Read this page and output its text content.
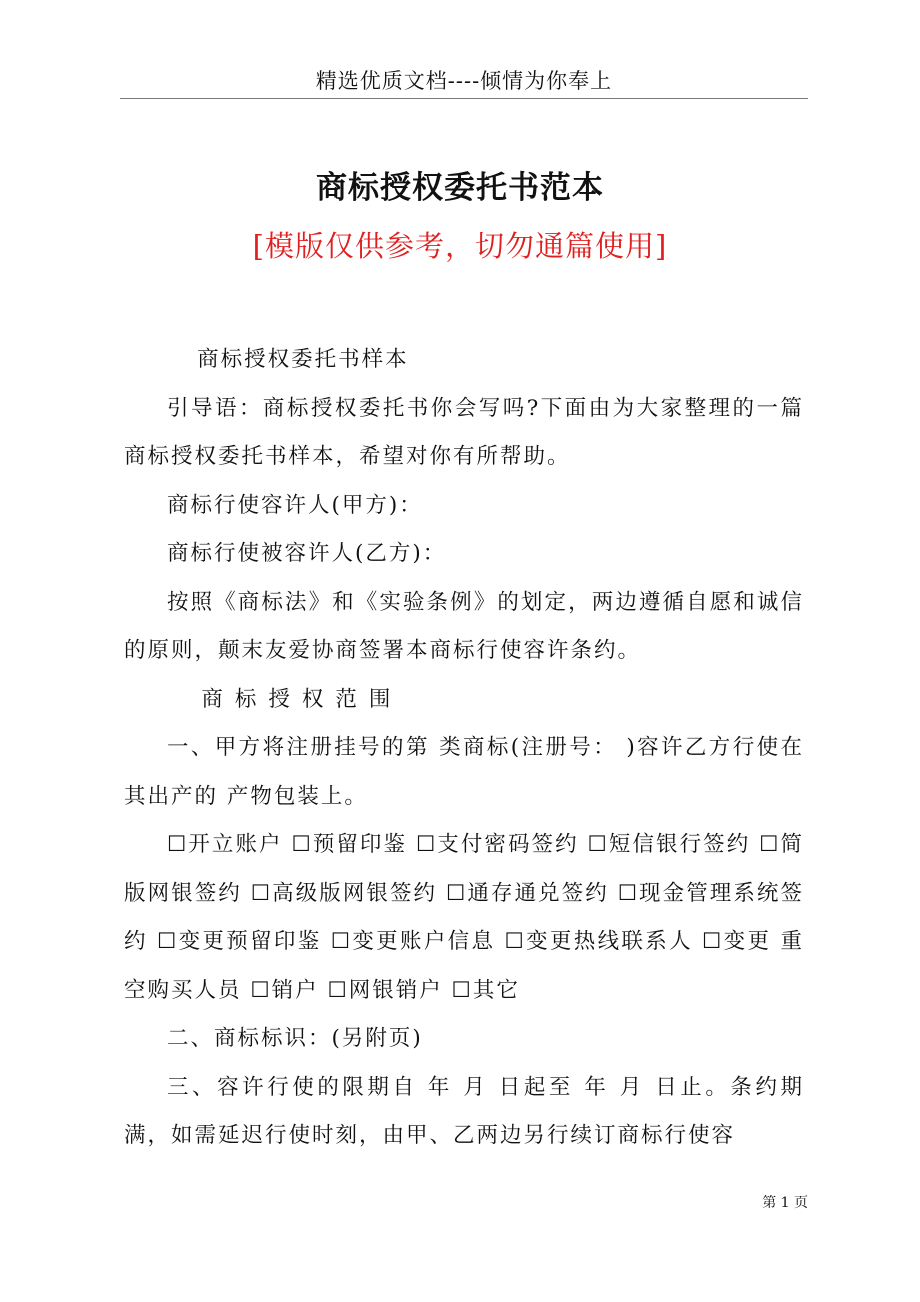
精选优质文档----倾情为你奉上
商标授权委托书范本
[模版仅供参考，切勿通篇使用]

商标授权委托书样本

引导语：商标授权委托书你会写吗?下面由为大家整理的一篇商标授权委托书样本，希望对你有所帮助。

商标行使容许人(甲方)：

商标行使被容许人(乙方)：

按照《商标法》和《实验条例》的划定，两边遵循自愿和诚信的原则，颠末友爱协商签署本商标行使容许条约。

商标授权范围

一、甲方将注册挂号的第 类商标(注册号： )容许乙方行使在其出产的 产物包装上。

☐开立账户 ☐预留印鉴 ☐支付密码签约 ☐短信银行签约 ☐简版网银签约 ☐高级版网银签约 ☐通存通兑签约 ☐现金管理系统签约 ☐变更预留印鉴 ☐变更账户信息 ☐变更热线联系人 ☐变更 重空购买人员 ☐销户 ☐网银销户 ☐其它

二、商标标识：(另附页)

三、容许行使的限期自 年 月 日起至 年 月 日止。条约期满，如需延迟行使时刻，由甲、乙两边另行续订商标行使容

第 1 页
